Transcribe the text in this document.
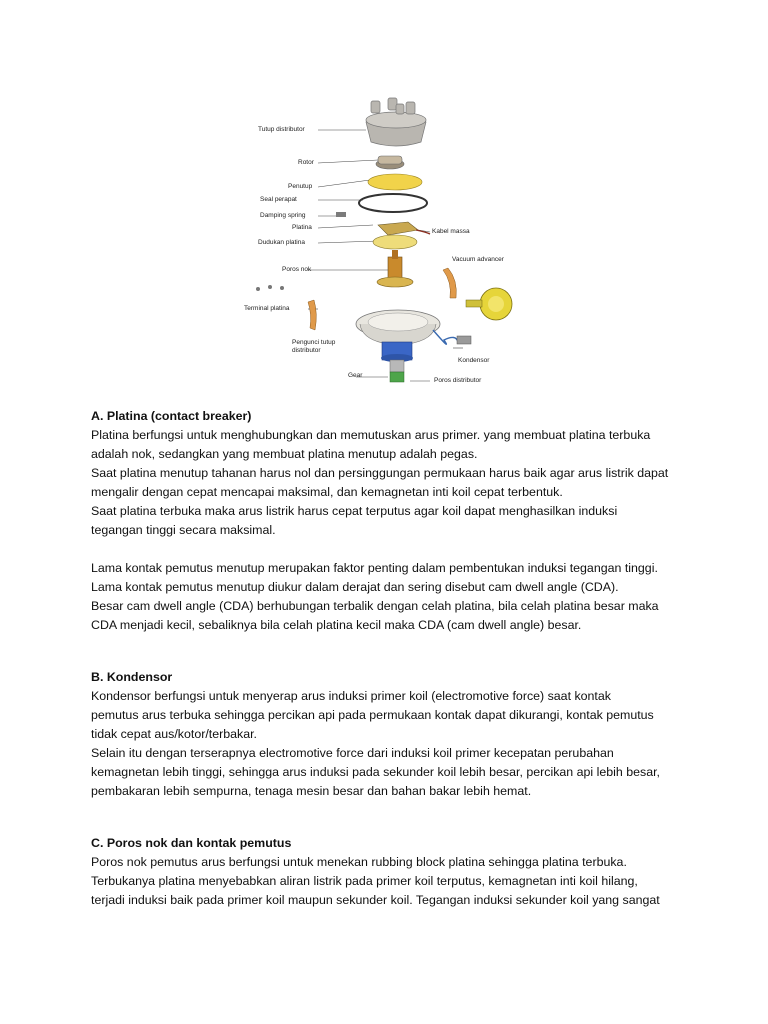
Tutup distributor
Rotor
Penutup
Seal perapat
Damping spring
Platina
Kabel massa
Dudukan platina
Poros nok
Vacuum advancer
Terminal platina
Pengunci tutup
distributor
Kondensor
Gear
Poros distributor

A. Platina (contact breaker)

Platina berfungsi untuk menghubungkan dan memutuskan arus primer. yang membuat platina terbuka

adalah nok, sedangkan yang membuat platina menutup adalah pegas.

Saat platina menutup tahanan harus nol dan persinggungan permukaan harus baik agar arus listrik dapat

mengalir dengan cepat mencapai maksimal, dan kemagnetan inti koil cepat terbentuk.

Saat platina terbuka maka arus listrik harus cepat terputus agar koil dapat menghasilkan induksi

tegangan tinggi secara maksimal.

Lama kontak pemutus menutup merupakan faktor penting dalam pembentukan induksi tegangan tinggi.

Lama kontak pemutus menutup diukur dalam derajat dan sering disebut cam dwell angle (CDA).

Besar cam dwell angle (CDA) berhubungan terbalik dengan celah platina, bila celah platina besar maka

CDA menjadi kecil, sebaliknya bila celah platina kecil maka CDA (cam dwell angle) besar.

B. Kondensor

Kondensor berfungsi untuk menyerap arus induksi primer koil (electromotive force) saat kontak

pemutus arus terbuka sehingga percikan api pada permukaan kontak dapat dikurangi, kontak pemutus

tidak cepat aus/kotor/terbakar.

Selain itu dengan terserapnya electromotive force dari induksi koil primer kecepatan perubahan

kemagnetan lebih tinggi, sehingga arus induksi pada sekunder koil lebih besar, percikan api lebih besar,

pembakaran lebih sempurna, tenaga mesin besar dan bahan bakar lebih hemat.

C. Poros nok dan kontak pemutus

Poros nok pemutus arus berfungsi untuk menekan rubbing block platina sehingga platina terbuka.

Terbukanya platina menyebabkan aliran listrik pada primer koil terputus, kemagnetan inti koil hilang,

terjadi induksi baik pada primer koil maupun sekunder koil. Tegangan induksi sekunder koil yang sangat
